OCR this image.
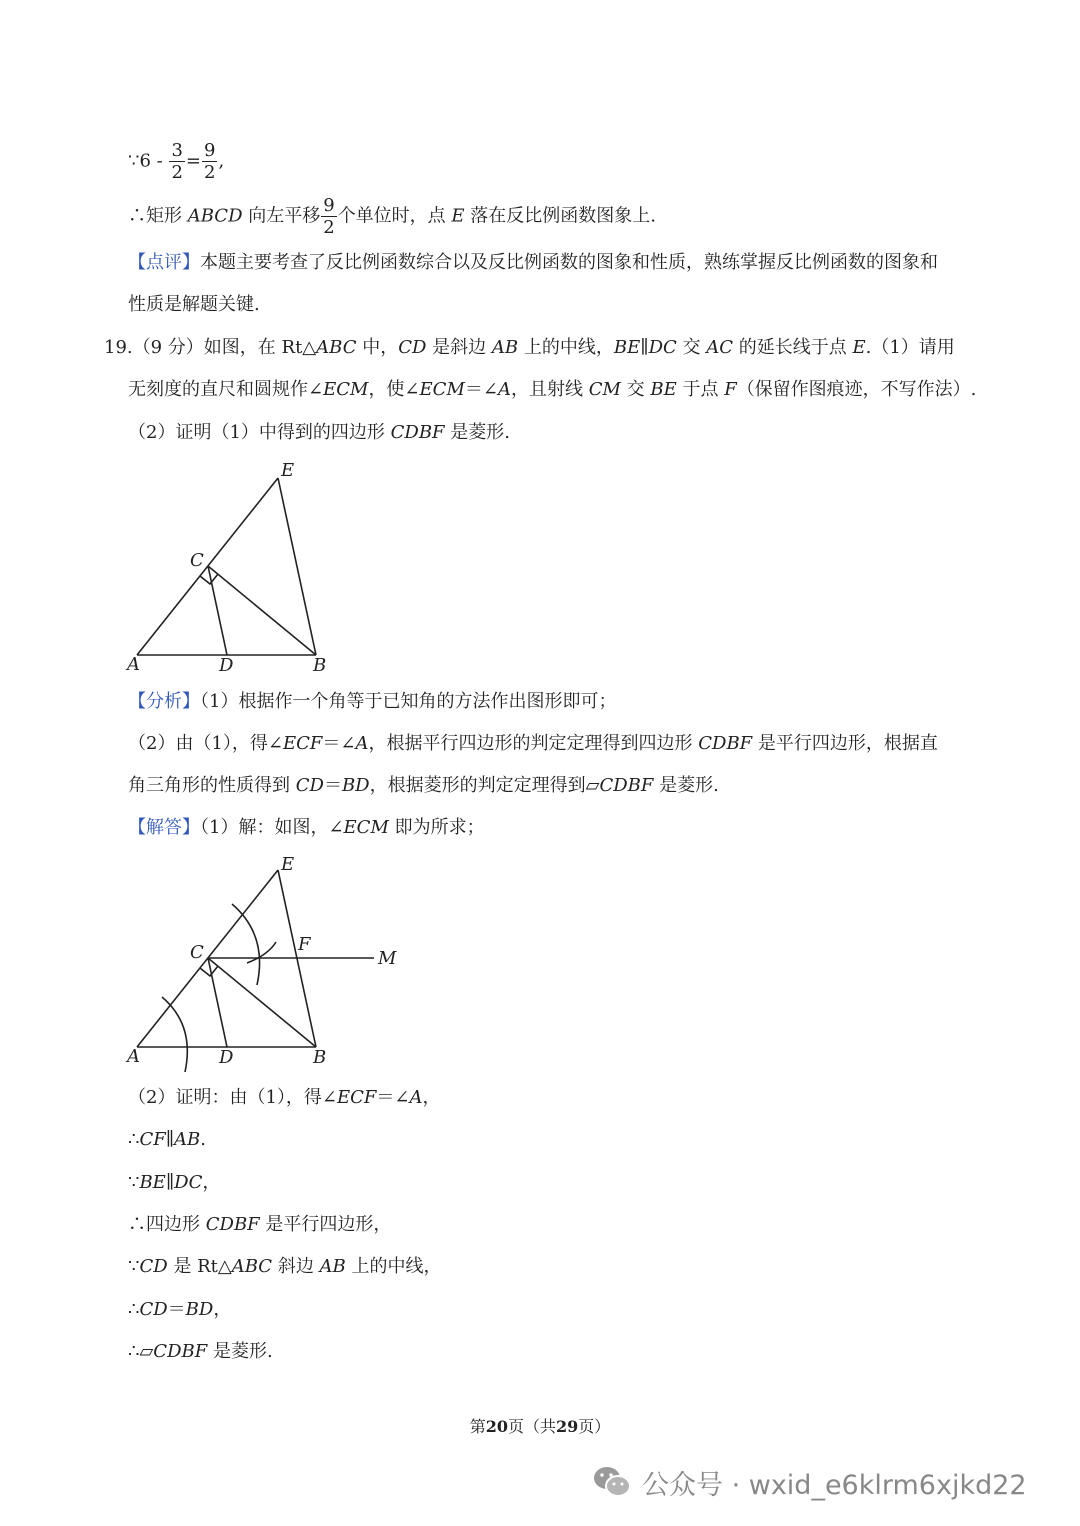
∵6 - $\frac{3}{2} = \frac{9}{2}$ ,
∴矩形 ABCD 向左平移 $\frac{9}{2}$ 个单位时，点 E 落在反比例函数图象上.
【点评】本题主要考查了反比例函数综合以及反比例函数的图象和性质，熟练掌握反比例函数的图象和
性质是解题关键.
19.（9 分）如图，在 Rt△ABC 中，CD 是斜边 AB 上的中线，BE∥DC 交 AC 的延长线于点 E.（1）请用
无刻度的直尺和圆规作∠ECM，使∠ECM＝∠A，且射线 CM 交 BE 于点 F（保留作图痕迹，不写作法）.
（2）证明（1）中得到的四边形 CDBF 是菱形.
E
C
A	D	B
【分析】（1）根据作一个角等于已知角的方法作出图形即可；
（2）由（1），得∠ECF＝∠A，根据平行四边形的判定定理得到四边形 CDBF 是平行四边形，根据直
角三角形的性质得到 CD＝BD，根据菱形的判定定理得到▱CDBF 是菱形.
【解答】（1）解：如图，∠ECM 即为所求；
E
C	F
M
A	D	B
（2）证明：由（1），得∠ECF＝∠A，
∴CF∥AB.
∵BE∥DC，
∴四边形 CDBF 是平行四边形，
∵CD 是 Rt△ABC 斜边 AB 上的中线，
∴CD＝BD，
∴▱CDBF 是菱形.
第20页（共29页）
公众号 · wxid_e6klrm6xjkd22
